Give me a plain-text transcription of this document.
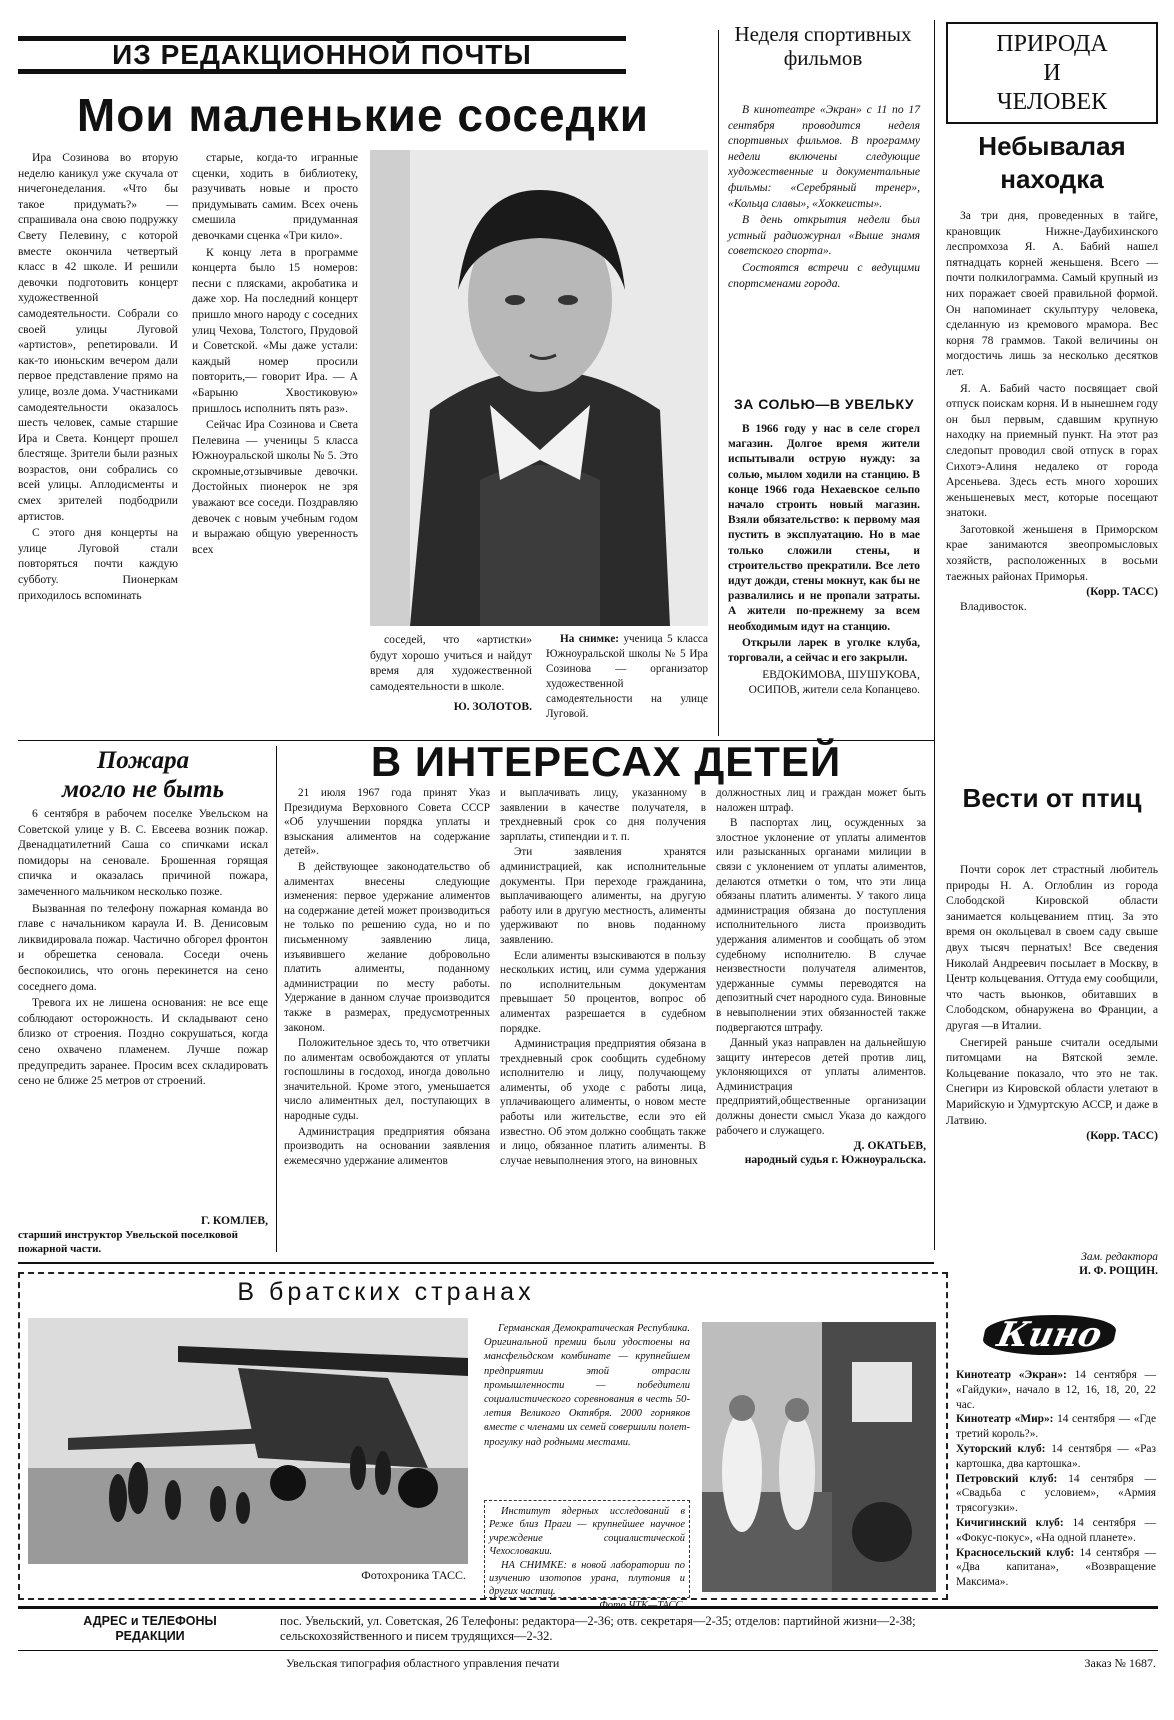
ИЗ РЕДАКЦИОННОЙ ПОЧТЫ
Мои маленькие соседки

Ира Созинова во вторую неделю каникул уже скучала от ничегонеделания. «Что бы такое придумать?» — спрашивала она свою подружку Свету Пелевину, с которой вместе окончила четвертый класс в 42 школе. И решили девочки подготовить концерт художественной самодеятельности. Собрали со своей улицы Луговой «артистов», репетировали. И как-то июньским вечером дали первое представление прямо на улице, возле дома. Участниками самодеятельности оказалось шесть человек, самые старшие Ира и Света. Концерт прошел блестяще. Зрители были разных возрастов, они собрались со всей улицы. Аплодисменты и смех зрителей подбодрили артистов.

С этого дня концерты на улице Луговой стали повторяться почти каждую субботу. Пионеркам приходилось вспоминать

старые, когда-то игранные сценки, ходить в библиотеку, разучивать новые и просто придумывать самим. Всех очень смешила придуманная девочками сценка «Три кило».

К концу лета в программе концерта было 15 номеров: песни с плясками, акробатика и даже хор. На последний концерт пришло много народу с соседних улиц Чехова, Толстого, Прудовой и Советской. «Мы даже устали: каждый номер просили повторить,— говорит Ира. — А «Барыню Хвостиковую» пришлось исполнить пять раз».

Сейчас Ира Созинова и Света Пелевина — ученицы 5 класса Южноуральской школы № 5. Это скромные,отзывчивые девочки. Достойных пионерок не зря уважают все соседи. Поздравляю девочек с новым учебным годом и выражаю общую уверенность всех

соседей, что «артистки» будут хорошо учиться и найдут время для художественной самодеятельности в школе.

Ю. ЗОЛОТОВ.
На снимке: ученица 5 класса Южноуральской школы № 5 Ира Созинова — организатор художественной самодеятельности на улице Луговой.
Неделя спортивных фильмов

В кинотеатре «Экран» с 11 по 17 сентября проводится неделя спортивных фильмов. В программу недели включены следующие художественные и документальные фильмы: «Серебряный тренер», «Кольца славы», «Хоккеисты».

В день открытия недели был устный радиожурнал «Выше знамя советского спорта».

Состоятся встречи с ведущими спортсменами города.

ЗА СОЛЬЮ—В УВЕЛЬКУ

В 1966 году у нас в селе сгорел магазин. Долгое время жители испытывали острую нужду: за солью, мылом ходили на станцию. В конце 1966 года Нехаевское сельпо начало строить новый магазин. Взяли обязательство: к первому мая пустить в эксплуатацию. Но в мае только сложили стены, и строительство прекратили. Все лето идут дожди, стены мокнут, как бы не развалились и не пропали затраты. А жители по-прежнему за всем необходимым идут на станцию.

Открыли ларек в уголке клуба, торговали, а сейчас и его закрыли.

ЕВДОКИМОВА, ШУШУКОВА, ОСИПОВ, жители села Копанцево.
ПРИРОДА
И
ЧЕЛОВЕК
Небывалая находка

За три дня, проведенных в тайге, крановщик Нижне-Даубихинского леспромхоза Я. А. Бабий нашел пятнадцать корней женьшеня. Всего — почти полкилограмма. Самый крупный из них поражает своей правильной формой. Он напоминает скульптуру человека, сделанную из кремового мрамора. Вес корня 78 граммов. Такой величины он могдостичь лишь за несколько десятков лет.

Я. А. Бабий часто посвящает свой отпуск поискам корня. И в нынешнем году он был первым, сдавшим крупную находку на приемный пункт. На этот раз следопыт проводил свой отпуск в горах Сихотэ-Алиня недалеко от города Арсеньева. Здесь есть много хороших женьшеневых мест, которые посещают знатоки.

Заготовкой женьшеня в Приморском крае занимаются звеопромысловых хозяйств, расположенных в восьми таежных районах Приморья.

(Корр. ТАСС)
Владивосток.
Вести от птиц

Почти сорок лет страстный любитель природы Н. А. Оглоблин из города Слободской Кировской области занимается кольцеванием птиц. За это время он окольцевал в своем саду свыше двух тысяч пернатых! Все сведения Николай Андреевич посылает в Москву, в Центр кольцевания. Оттуда ему сообщили, что часть вьюнков, обитавших в Слободском, обнаружена во Франции, а другая —в Италии.

Снегирей раньше считали оседлыми питомцами на Вятской земле. Кольцевание показало, что это не так. Снегири из Кировской области улетают в Марийскую и Удмуртскую АССР, и даже в Латвию.

(Корр. ТАСС)
Пожара
могло не быть

6 сентября в рабочем поселке Увельском на Советской улице у В. С. Евсеева возник пожар. Двенадцатилетний Саша со спичками искал помидоры на сеновале. Брошенная горящая спичка и оказалась причиной пожара, замеченного мальчиком несколько позже.

Вызванная по телефону пожарная команда во главе с начальником караула И. В. Денисовым ликвидировала пожар. Частично обгорел фронтон и обрешетка сеновала. Соседи очень беспокоились, что огонь перекинется на сено соседнего дома.

Тревога их не лишена основания: не все еще соблюдают осторожность. И складывают сено близко от строения. Поздно сокрушаться, когда сено охвачено пламенем. Лучше пожар предупредить заранее. Просим всех складировать сено не ближе 25 метров от строений.

Г. КОМЛЕВ,
старший инструктор Увельской поселковой пожарной части.
В ИНТЕРЕСАХ ДЕТЕЙ

21 июля 1967 года принят Указ Президиума Верховного Совета СССР «Об улучшении порядка уплаты и взыскания алиментов на содержание детей».

В действующее законодательство об алиментах внесены следующие изменения: первое удержание алиментов на содержание детей может производиться не только по решению суда, но и по письменному заявлению лица, изъявившего желание добровольно платить алименты, поданному администрации по месту работы. Удержание в данном случае производится также в размерах, предусмотренных законом.

Положительное здесь то, что ответчики по алиментам освобождаются от уплаты госпошлины в госдоход, иногда довольно значительной. Кроме этого, уменьшается число алиментных дел, поступающих в народные суды.

Администрация предприятия обязана производить на основании заявления ежемесячно удержание алиментов

и выплачивать лицу, указанному в заявлении в качестве получателя, в трехдневный срок со дня получения зарплаты, стипендии и т. п.

Эти заявления хранятся администрацией, как исполнительные документы. При переходе гражданина, выплачивающего алименты, на другую работу или в другую местность, алименты удерживают по вновь поданному заявлению.

Если алименты взыскиваются в пользу нескольких истиц, или сумма удержания по исполнительным документам превышает 50 процентов, вопрос об алиментах разрешается в судебном порядке.

Администрация предприятия обязана в трехдневный срок сообщить судебному исполнителю и лицу, получающему алименты, об уходе с работы лица, уплачивающего алименты, о новом месте работы или жительстве, если это ей известно. Об этом должно сообщать также и лицо, обязанное платить алименты. В случае невыполнения этого, на виновных

должностных лиц и граждан может быть наложен штраф.

В паспортах лиц, осужденных за злостное уклонение от уплаты алиментов или разысканных органами милиции в связи с уклонением от уплаты алиментов, делаются отметки о том, что эти лица обязаны платить алименты. У такого лица администрация обязана до поступления исполнительного листа производить удержания алиментов и сообщать об этом судебному исполнителю. В случае неизвестности получателя алиментов, удержанные суммы переводятся на депозитный счет народного суда. Виновные в невыполнении этих обязанностей также подвергаются штрафу.

Данный указ направлен на дальнейшую защиту интересов детей против лиц, уклоняющихся от уплаты алиментов. Администрация предприятий,общественные организации должны донести смысл Указа до каждого рабочего и служащего.

Д. ОКАТЬЕВ,
народный судья г. Южноуральска.
Зам. редактора
И. Ф. РОЩИН.
В братских странах
Фотохроника ТАСС.
Германская Демократическая Республика. Оригинальной премии были удостоены на мансфельдском комбинате — крупнейшем предприятии этой отрасли промышленности — победители социалистического соревнования в честь 50-летия Великого Октября. 2000 горняков вместе с членами их семей совершили полет-прогулку над родными местами.
Институт ядерных исследований в Реже близ Праги — крупнейшее научное учреждение социалистической Чехословакии.
НА СНИМКЕ: в новой лаборатории по изучению изотопов урана, плутония и других частиц.
Кино
Кинотеатр «Экран»: 14 сентября — «Гайдуки», начало в 12, 16, 18, 20, 22 час.
Кинотеатр «Мир»: 14 сентября — «Где третий король?».
Хуторский клуб: 14 сентября — «Раз картошка, два картошка».
Петровский клуб: 14 сентября — «Свадьба с условием», «Армия трясогузки».
Кичигинский клуб: 14 сентября — «Фокус-покус», «На одной планете».
Красносельский клуб: 14 сентября — «Два капитана», «Возвращение Максима».
АДРЕС и ТЕЛЕФОНЫ
РЕДАКЦИИ
пос. Увельский, ул. Советская, 26 Телефоны: редактора—2-36; отв. секретаря—2-35; отделов: партийной жизни—2-38;
сельскохозяйственного и писем трудящихся—2-32.
Увельская типография областного управления печати	Заказ № 1687.
